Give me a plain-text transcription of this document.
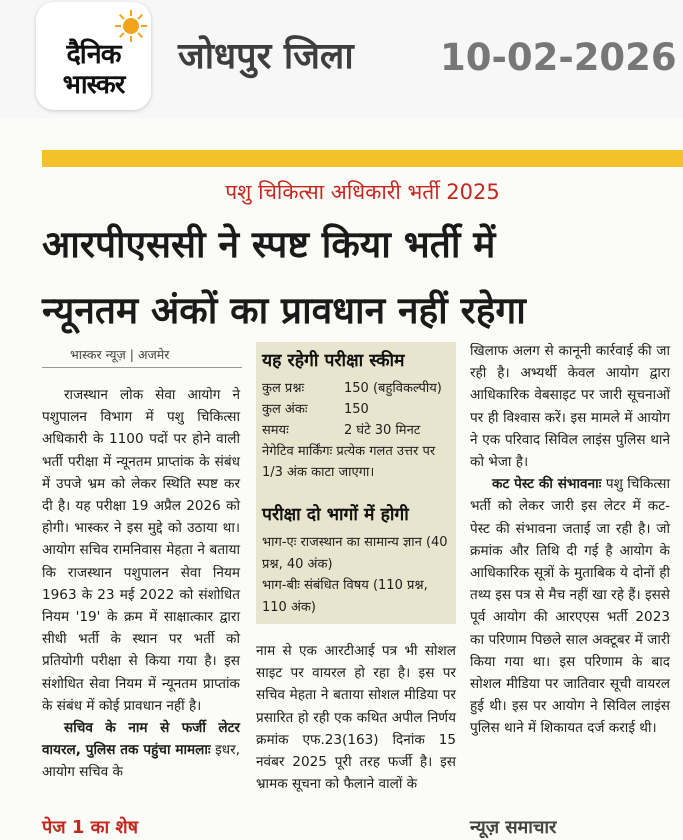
दैनिक
भास्कर
जोधपुर जिला 10-02-2026
पशु चिकित्सा अधिकारी भर्ती 2025
आरपीएससी ने स्पष्ट किया भर्ती में
न्यूनतम अंकों का प्रावधान नहीं रहेगा
भास्कर न्यूज़ | अजमेर

राजस्थान लोक सेवा आयोग ने पशुपालन विभाग में पशु चिकित्सा अधिकारी के 1100 पदों पर होने वाली भर्ती परीक्षा में न्यूनतम प्राप्तांक के संबंध में उपजे भ्रम को लेकर स्थिति स्पष्ट कर दी है। यह परीक्षा 19 अप्रैल 2026 को होगी। भास्कर ने इस मुद्दे को उठाया था। आयोग सचिव रामनिवास मेहता ने बताया कि राजस्थान पशुपालन सेवा नियम 1963 के 23 मई 2022 को संशोधित नियम '19' के क्रम में साक्षात्कार द्वारा सीधी भर्ती के स्थान पर भर्ती को प्रतियोगी परीक्षा से किया गया है। इस संशोधित सेवा नियम में न्यूनतम प्राप्तांक के संबंध में कोई प्रावधान नहीं है।

सचिव के नाम से फर्जी लेटर वायरल, पुलिस तक पहुंचा मामलाः इधर, आयोग सचिव के

यह रहेगी परीक्षा स्कीम
कुल प्रश्नः	150 (बहुविकल्पीय)
कुल अंकः	150
समयः	2 घंटे 30 मिनट
नेगेटिव मार्किंगः प्रत्येक गलत उत्तर पर 1/3 अंक काटा जाएगा।
परीक्षा दो भागों में होगी
भाग-एः राजस्थान का सामान्य ज्ञान (40 प्रश्न, 40 अंक)
भाग-बीः संबंधित विषय (110 प्रश्न, 110 अंक)

नाम से एक आरटीआई पत्र भी सोशल साइट पर वायरल हो रहा है। इस पर सचिव मेहता ने बताया सोशल मीडिया पर प्रसारित हो रही एक कथित अपील निर्णय क्रमांक एफ.23(163) दिनांक 15 नवंबर 2025 पूरी तरह फर्जी है। इस भ्रामक सूचना को फैलाने वालों के

खिलाफ अलग से कानूनी कार्रवाई की जा रही है। अभ्यर्थी केवल आयोग द्वारा आधिकारिक वेबसाइट पर जारी सूचनाओं पर ही विश्वास करें। इस मामले में आयोग ने एक परिवाद सिविल लाइंस पुलिस थाने को भेजा है।

कट पेस्ट की संभावनाः पशु चिकित्सा भर्ती को लेकर जारी इस लेटर में कट-पेस्ट की संभावना जताई जा रही है। जो क्रमांक और तिथि दी गई है आयोग के आधिकारिक सूत्रों के मुताबिक ये दोनों ही तथ्य इस पत्र से मैच नहीं खा रहे हैं। इससे पूर्व आयोग की आरएएस भर्ती 2023 का परिणाम पिछले साल अक्टूबर में जारी किया गया था। इस परिणाम के बाद सोशल मीडिया पर जातिवार सूची वायरल हुई थी। इस पर आयोग ने सिविल लाइंस पुलिस थाने में शिकायत दर्ज कराई थी।

पेज 1 का शेष	न्यूज़ समाचार
